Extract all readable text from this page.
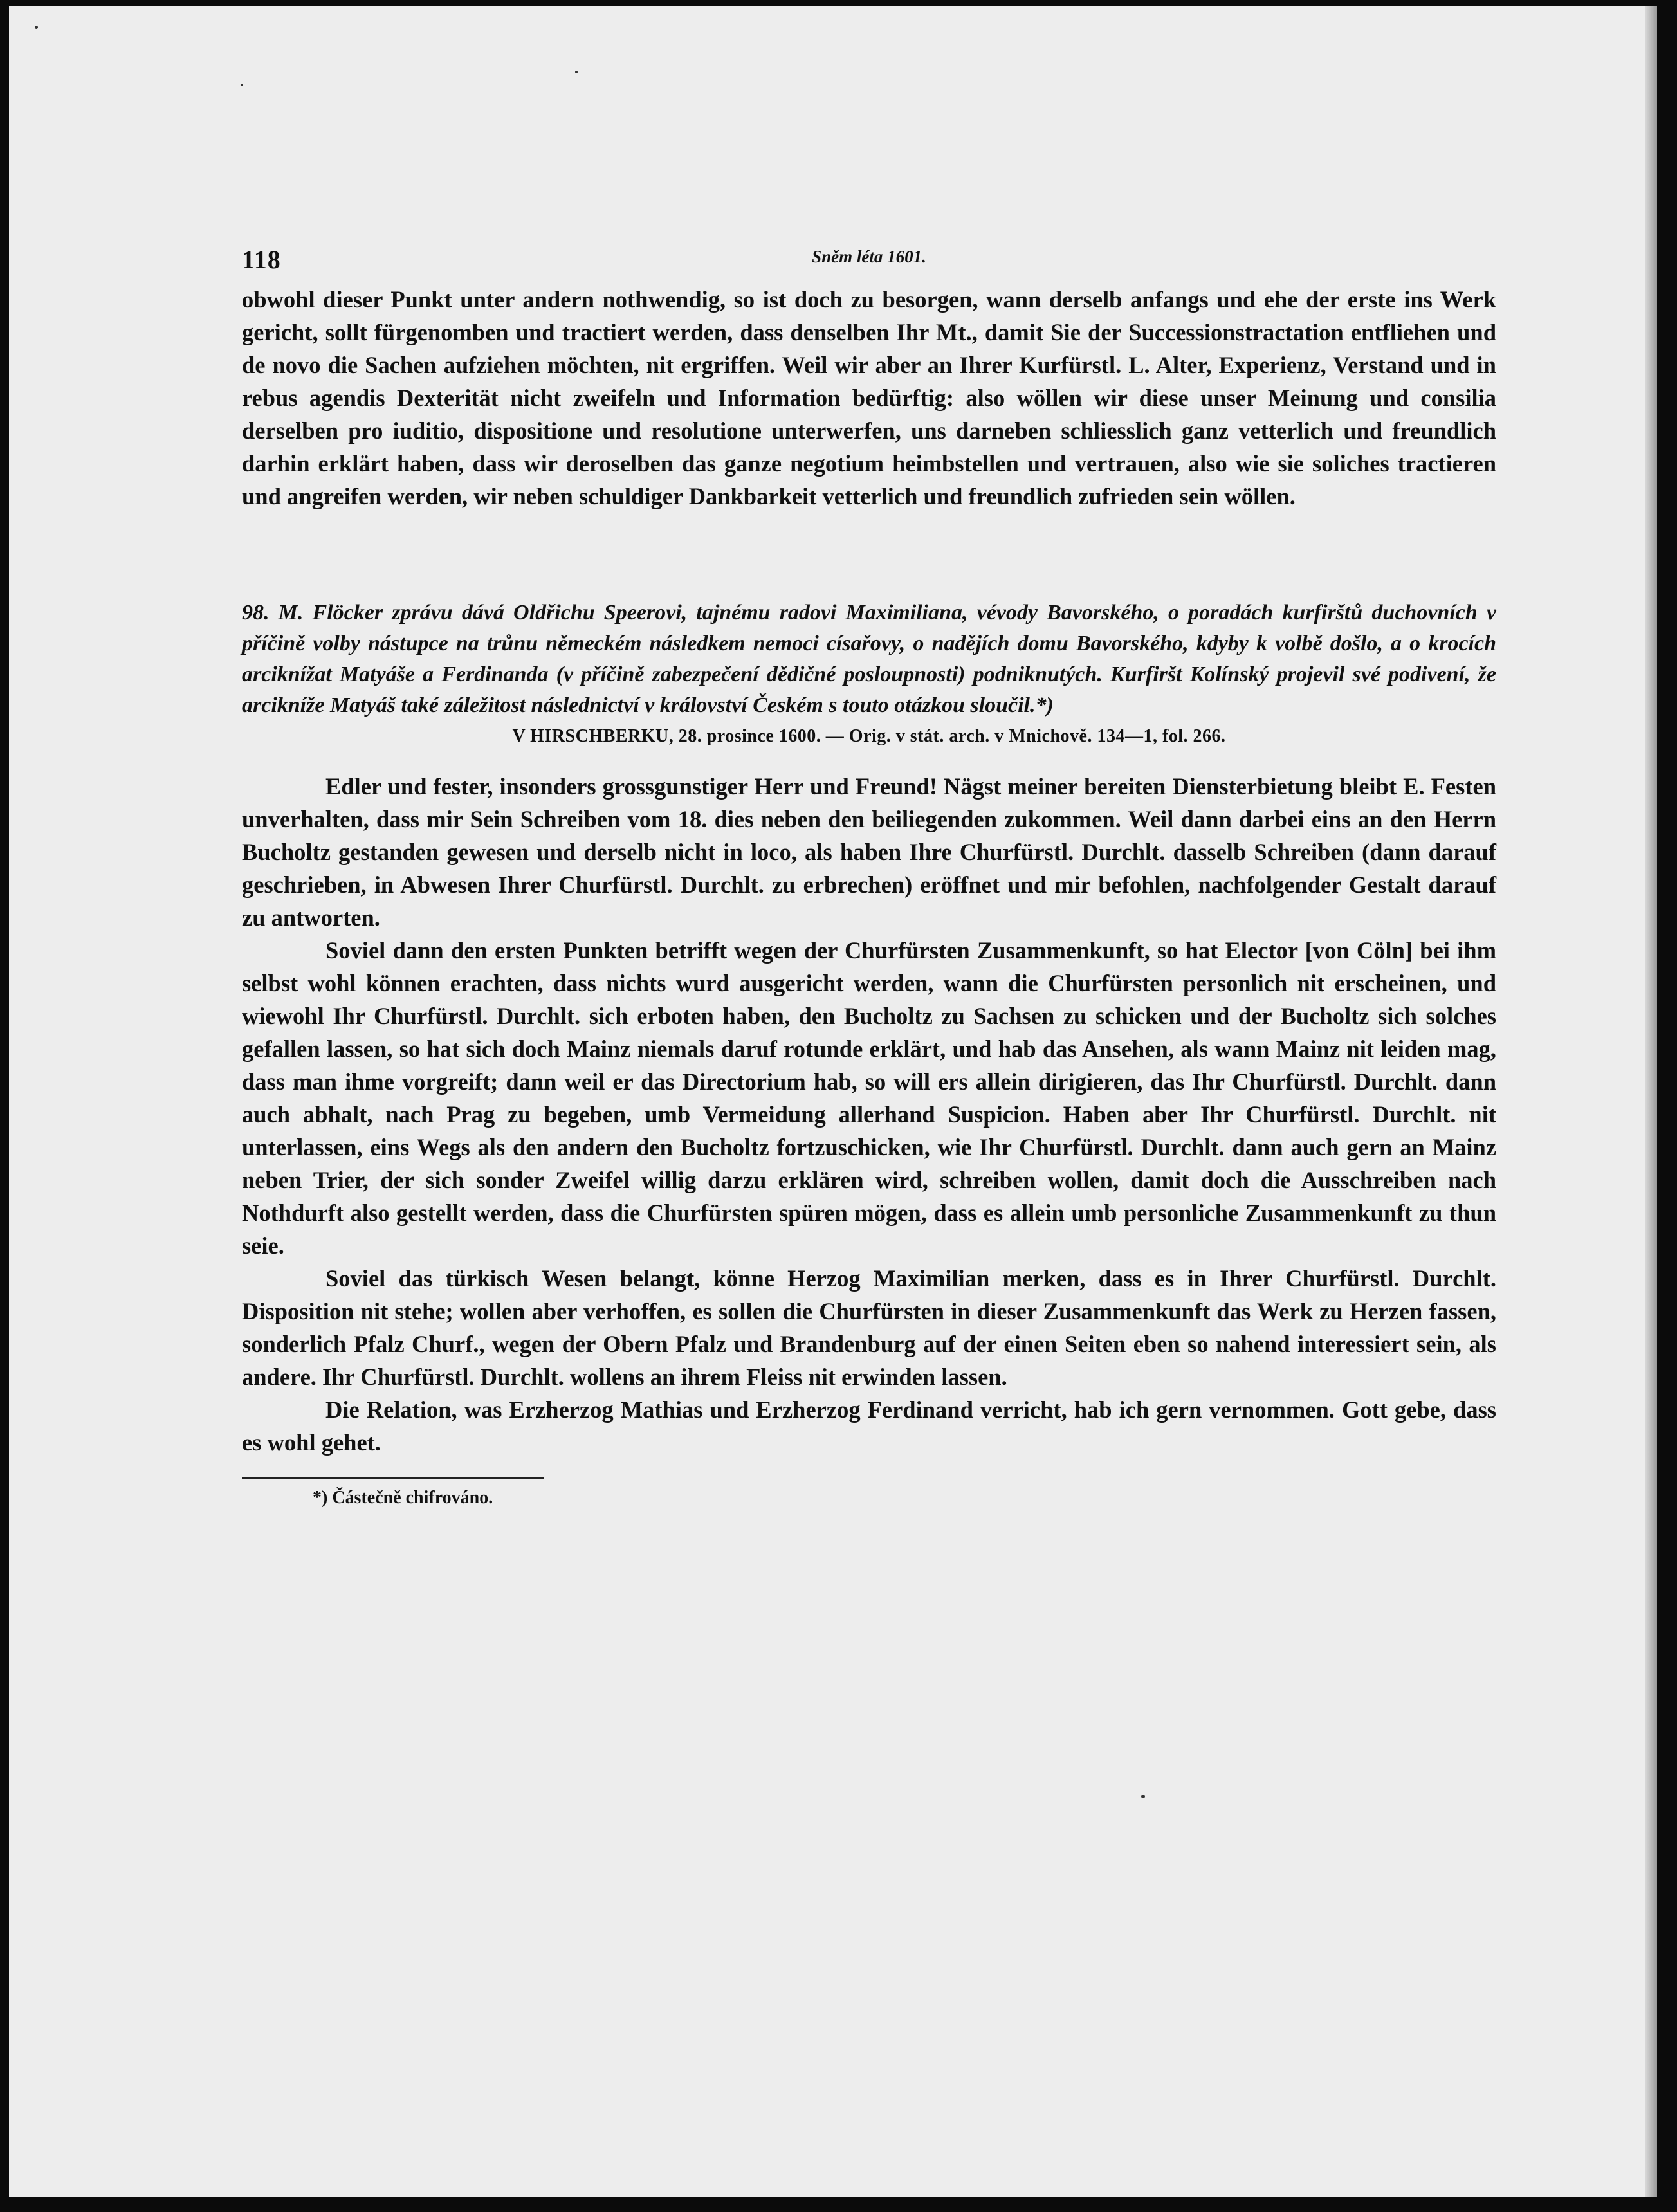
118	Sněm léta 1601.

obwohl dieser Punkt unter andern nothwendig, so ist doch zu besorgen, wann derselb anfangs und ehe der erste ins Werk gericht, sollt fürgenomben und tractiert werden, dass denselben Ihr Mt., damit Sie der Successionstractation entfliehen und de novo die Sachen aufziehen möchten, nit ergriffen. Weil wir aber an Ihrer Kurfürstl. L. Alter, Experienz, Verstand und in rebus agendis Dexterität nicht zweifeln und Information bedürftig: also wöllen wir diese unser Meinung und consilia derselben pro iuditio, dispositione und resolutione unterwerfen, uns darneben schliesslich ganz vetterlich und freundlich darhin erklärt haben, dass wir deroselben das ganze negotium heimbstellen und vertrauen, also wie sie soliches tractieren und angreifen werden, wir neben schuldiger Dankbarkeit vetterlich und freundlich zufrieden sein wöllen.

98. M. Flöcker zprávu dává Oldřichu Speerovi, tajnému radovi Maximiliana, vévody Bavorského, o poradách kurfirštů duchovních v příčině volby nástupce na trůnu německém následkem nemoci císařovy, o nadějích domu Bavorského, kdyby k volbě došlo, a o krocích arciknížat Matyáše a Ferdinanda (v příčině zabezpečení dědičné posloupnosti) podniknutých. Kurfiršt Kolínský projevil své podivení, že arcikníže Matyáš také záležitost následnictví v království Českém s touto otázkou sloučil.*)

V HIRSCHBERKU, 28. prosince 1600. — Orig. v stát. arch. v Mnichově. 134—1, fol. 266.

Edler und fester, insonders grossgunstiger Herr und Freund! Nägst meiner bereiten Diensterbietung bleibt E. Festen unverhalten, dass mir Sein Schreiben vom 18. dies neben den beiliegenden zukommen. Weil dann darbei eins an den Herrn Bucholtz gestanden gewesen und derselb nicht in loco, als haben Ihre Churfürstl. Durchlt. dasselb Schreiben (dann darauf geschrieben, in Abwesen Ihrer Churfürstl. Durchlt. zu erbrechen) eröffnet und mir befohlen, nachfolgender Gestalt darauf zu antworten.

Soviel dann den ersten Punkten betrifft wegen der Churfürsten Zusammenkunft, so hat Elector [von Cöln] bei ihm selbst wohl können erachten, dass nichts wurd ausgericht werden, wann die Churfürsten personlich nit erscheinen, und wiewohl Ihr Churfürstl. Durchlt. sich erboten haben, den Bucholtz zu Sachsen zu schicken und der Bucholtz sich solches gefallen lassen, so hat sich doch Mainz niemals daruf rotunde erklärt, und hab das Ansehen, als wann Mainz nit leiden mag, dass man ihme vorgreift; dann weil er das Directorium hab, so will ers allein dirigieren, das Ihr Churfürstl. Durchlt. dann auch abhalt, nach Prag zu begeben, umb Vermeidung allerhand Suspicion. Haben aber Ihr Churfürstl. Durchlt. nit unterlassen, eins Wegs als den andern den Bucholtz fortzuschicken, wie Ihr Churfürstl. Durchlt. dann auch gern an Mainz neben Trier, der sich sonder Zweifel willig darzu erklären wird, schreiben wollen, damit doch die Ausschreiben nach Nothdurft also gestellt werden, dass die Churfürsten spüren mögen, dass es allein umb personliche Zusammenkunft zu thun seie.

Soviel das türkisch Wesen belangt, könne Herzog Maximilian merken, dass es in Ihrer Churfürstl. Durchlt. Disposition nit stehe; wollen aber verhoffen, es sollen die Churfürsten in dieser Zusammenkunft das Werk zu Herzen fassen, sonderlich Pfalz Churf., wegen der Obern Pfalz und Brandenburg auf der einen Seiten eben so nahend interessiert sein, als andere. Ihr Churfürstl. Durchlt. wollens an ihrem Fleiss nit erwinden lassen.

Die Relation, was Erzherzog Mathias und Erzherzog Ferdinand verricht, hab ich gern vernommen. Gott gebe, dass es wohl gehet.

*) Částečně chifrováno.
